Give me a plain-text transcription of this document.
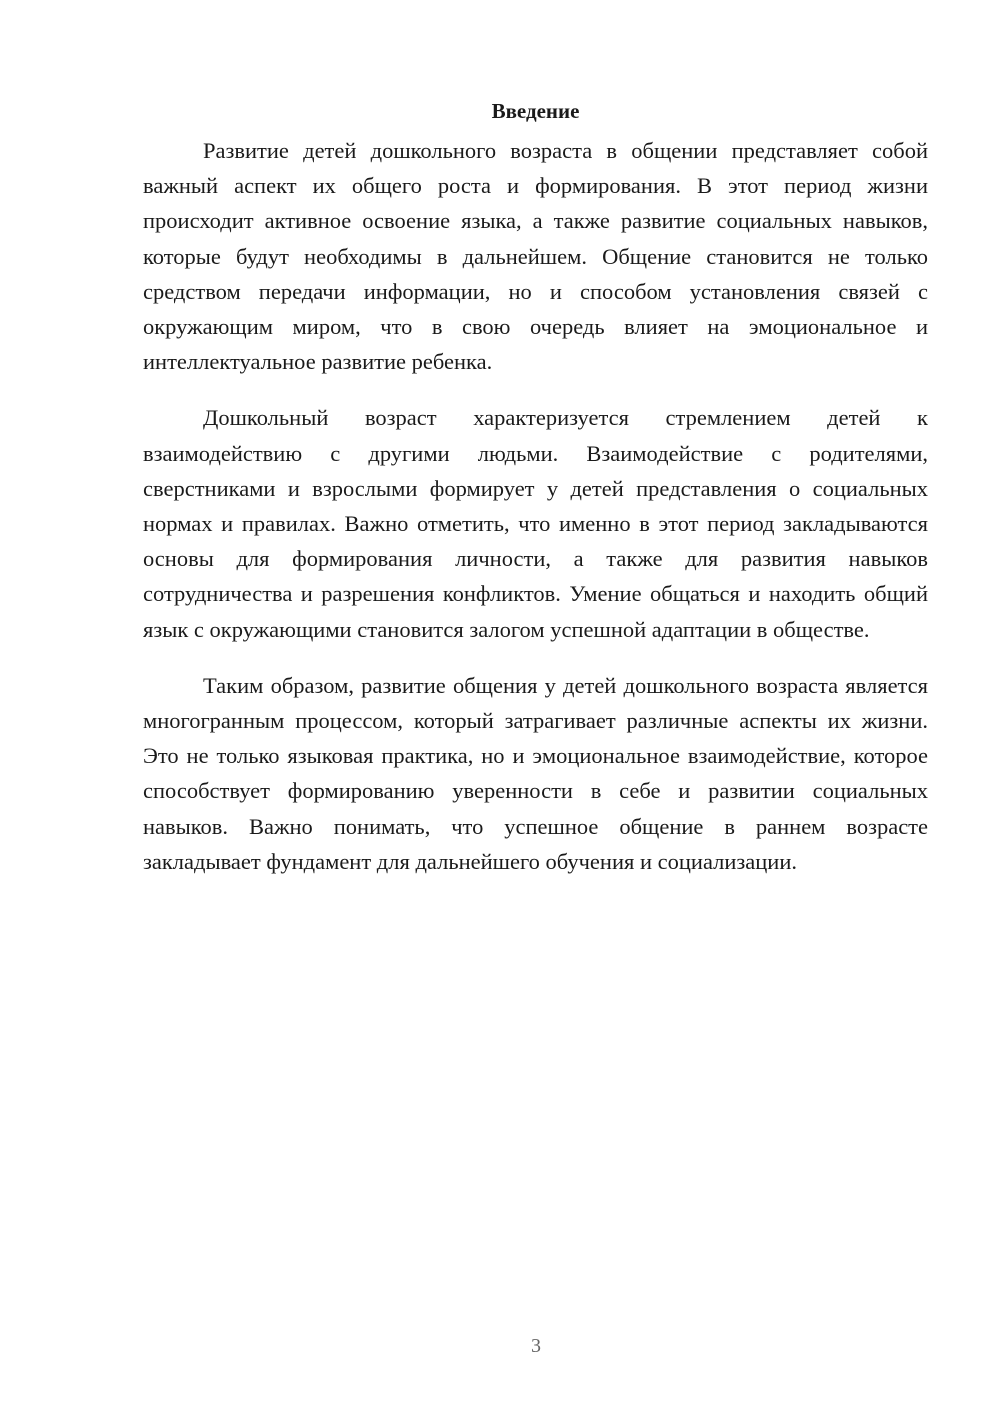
Введение

Развитие детей дошкольного возраста в общении представляет собой важный аспект их общего роста и формирования. В этот период жизни происходит активное освоение языка, а также развитие социальных навыков, которые будут необходимы в дальнейшем. Общение становится не только средством передачи информации, но и способом установления связей с окружающим миром, что в свою очередь влияет на эмоциональное и интеллектуальное развитие ребенка.

Дошкольный возраст характеризуется стремлением детей к взаимодействию с другими людьми. Взаимодействие с родителями, сверстниками и взрослыми формирует у детей представления о социальных нормах и правилах. Важно отметить, что именно в этот период закладываются основы для формирования личности, а также для развития навыков сотрудничества и разрешения конфликтов. Умение общаться и находить общий язык с окружающими становится залогом успешной адаптации в обществе.

Таким образом, развитие общения у детей дошкольного возраста является многогранным процессом, который затрагивает различные аспекты их жизни. Это не только языковая практика, но и эмоциональное взаимодействие, которое способствует формированию уверенности в себе и развитии социальных навыков. Важно понимать, что успешное общение в раннем возрасте закладывает фундамент для дальнейшего обучения и социализации.

3
